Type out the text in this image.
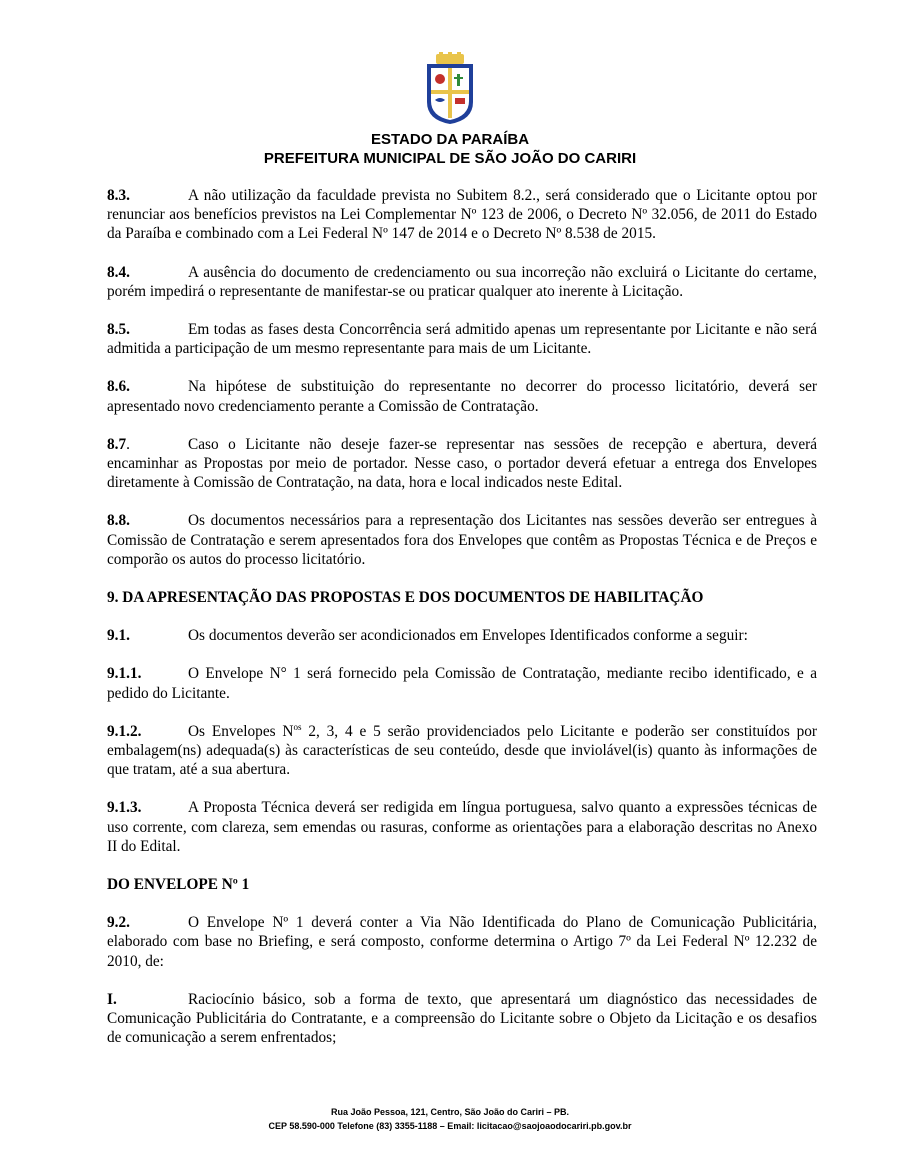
ESTADO DA PARAÍBA
PREFEITURA MUNICIPAL DE SÃO JOÃO DO CARIRI

8.3.	A não utilização da faculdade prevista no Subitem 8.2., será considerado que o Licitante optou por renunciar aos benefícios previstos na Lei Complementar Nº 123 de 2006, o Decreto Nº 32.056, de 2011 do Estado da Paraíba e combinado com a Lei Federal Nº 147 de 2014 e o Decreto Nº 8.538 de 2015.

8.4.	A ausência do documento de credenciamento ou sua incorreção não excluirá o Licitante do certame, porém impedirá o representante de manifestar-se ou praticar qualquer ato inerente à Licitação.

8.5.	Em todas as fases desta Concorrência será admitido apenas um representante por Licitante e não será admitida a participação de um mesmo representante para mais de um Licitante.

8.6.	Na hipótese de substituição do representante no decorrer do processo licitatório, deverá ser apresentado novo credenciamento perante a Comissão de Contratação.

8.7.	Caso o Licitante não deseje fazer-se representar nas sessões de recepção e abertura, deverá encaminhar as Propostas por meio de portador. Nesse caso, o portador deverá efetuar a entrega dos Envelopes diretamente à Comissão de Contratação, na data, hora e local indicados neste Edital.

8.8.	Os documentos necessários para a representação dos Licitantes nas sessões deverão ser entregues à Comissão de Contratação e serem apresentados fora dos Envelopes que contêm as Propostas Técnica e de Preços e comporão os autos do processo licitatório.

9. DA APRESENTAÇÃO DAS PROPOSTAS E DOS DOCUMENTOS DE HABILITAÇÃO

9.1.	Os documentos deverão ser acondicionados em Envelopes Identificados conforme a seguir:

9.1.1.	O Envelope N° 1 será fornecido pela Comissão de Contratação, mediante recibo identificado, e a pedido do Licitante.

9.1.2.	Os Envelopes $N^{os}$ 2, 3, 4 e 5 serão providenciados pelo Licitante e poderão ser constituídos por embalagem(ns) adequada(s) às características de seu conteúdo, desde que inviolável(is) quanto às informações de que tratam, até a sua abertura.

9.1.3.	A Proposta Técnica deverá ser redigida em língua portuguesa, salvo quanto a expressões técnicas de uso corrente, com clareza, sem emendas ou rasuras, conforme as orientações para a elaboração descritas no Anexo II do Edital.

DO ENVELOPE Nº 1

9.2.	O Envelope Nº 1 deverá conter a Via Não Identificada do Plano de Comunicação Publicitária, elaborado com base no Briefing, e será composto, conforme determina o Artigo 7º da Lei Federal Nº 12.232 de 2010, de:

I.	Raciocínio básico, sob a forma de texto, que apresentará um diagnóstico das necessidades de Comunicação Publicitária do Contratante, e a compreensão do Licitante sobre o Objeto da Licitação e os desafios de comunicação a serem enfrentados;

Rua João Pessoa, 121, Centro, São João do Cariri – PB.
CEP 58.590-000 Telefone (83) 3355-1188 – Email: licitacao@saojoaodocariri.pb.gov.br
